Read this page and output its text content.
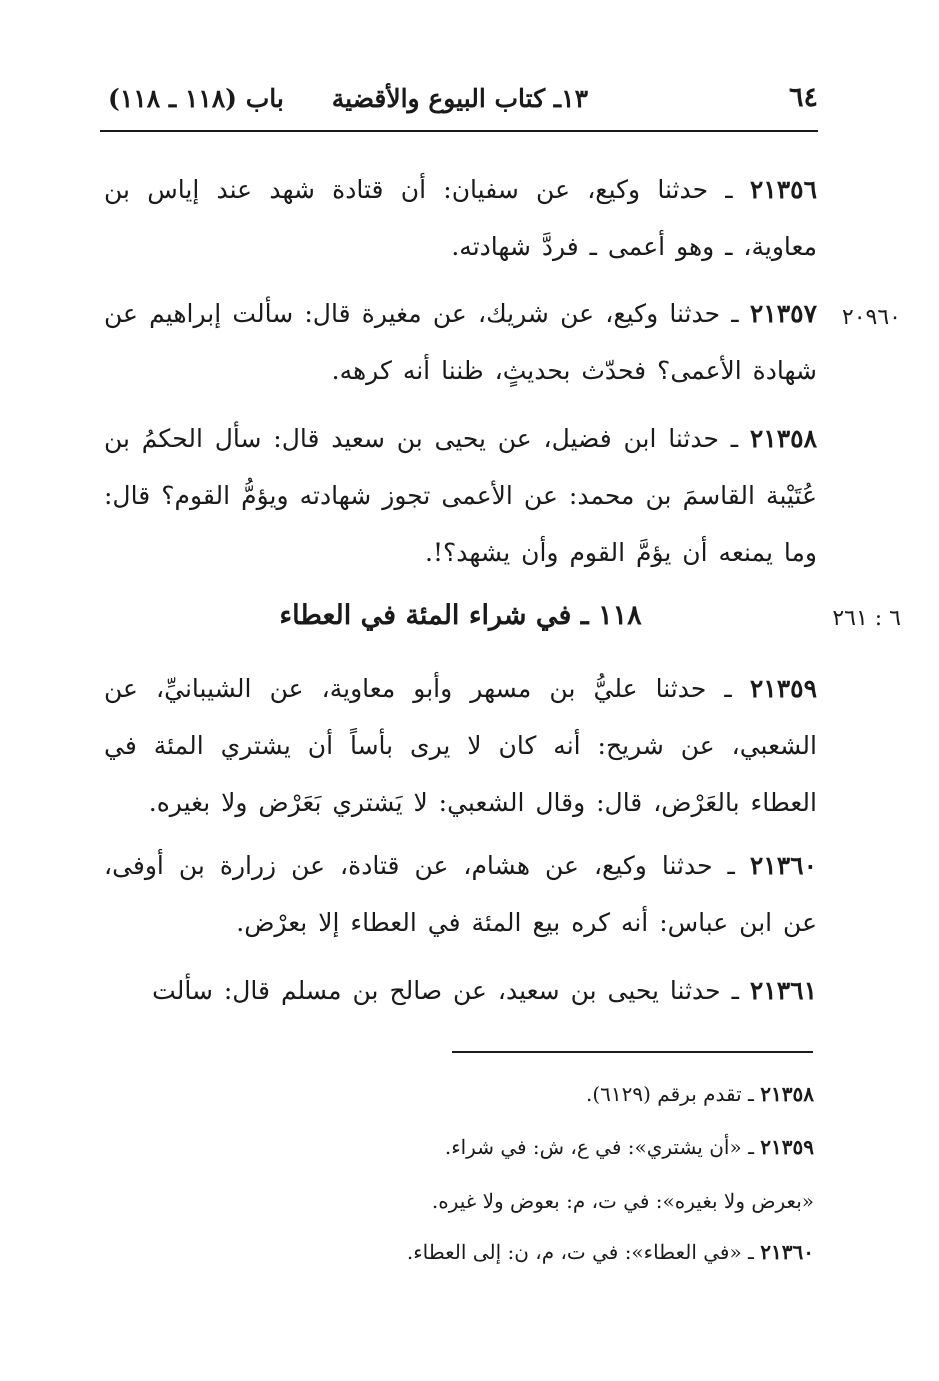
٦٤
١٣ـ كتاب البيوع والأقضية
باب (١١٨ ـ ١١٨)
٢١٣٥٦ ـ حدثنا وكيع، عن سفيان: أن قتادة شهد عند إياس بن معاوية، ـ وهو أعمى ـ فردَّ شهادته.
٢٠٩٦٠
٢١٣٥٧ ـ حدثنا وكيع، عن شريك، عن مغيرة قال: سألت إبراهيم عن شهادة الأعمى؟ فحدّث بحديثٍ، ظننا أنه كرهه.
٢١٣٥٨ ـ حدثنا ابن فضيل، عن يحيى بن سعيد قال: سأل الحكمُ بن عُتَيْبة القاسمَ بن محمد: عن الأعمى تجوز شهادته ويؤمُّ القوم؟ قال: وما يمنعه أن يؤمَّ القوم وأن يشهد؟!.
٦ : ٢٦١
١١٨ ـ في شراء المئة في العطاء
٢١٣٥٩ ـ حدثنا عليُّ بن مسهر وأبو معاوية، عن الشيبانيِّ، عن الشعبي، عن شريح: أنه كان لا يرى بأساً أن يشتري المئة في العطاء بالعَرْض، قال: وقال الشعبي: لا يَشتري بَعَرْض ولا بغيره.
٢١٣٦٠ ـ حدثنا وكيع، عن هشام، عن قتادة، عن زرارة بن أوفى، عن ابن عباس: أنه كره بيع المئة في العطاء إلا بعرْض.
٢١٣٦١ ـ حدثنا يحيى بن سعيد، عن صالح بن مسلم قال: سألت
٢١٣٥٨ ـ تقدم برقم (٦١٢٩).
٢١٣٥٩ ـ «أن يشتري»: في ع، ش: في شراء.
«بعرض ولا بغيره»: في ت، م: بعوض ولا غيره.
٢١٣٦٠ ـ «في العطاء»: في ت، م، ن: إلى العطاء.
